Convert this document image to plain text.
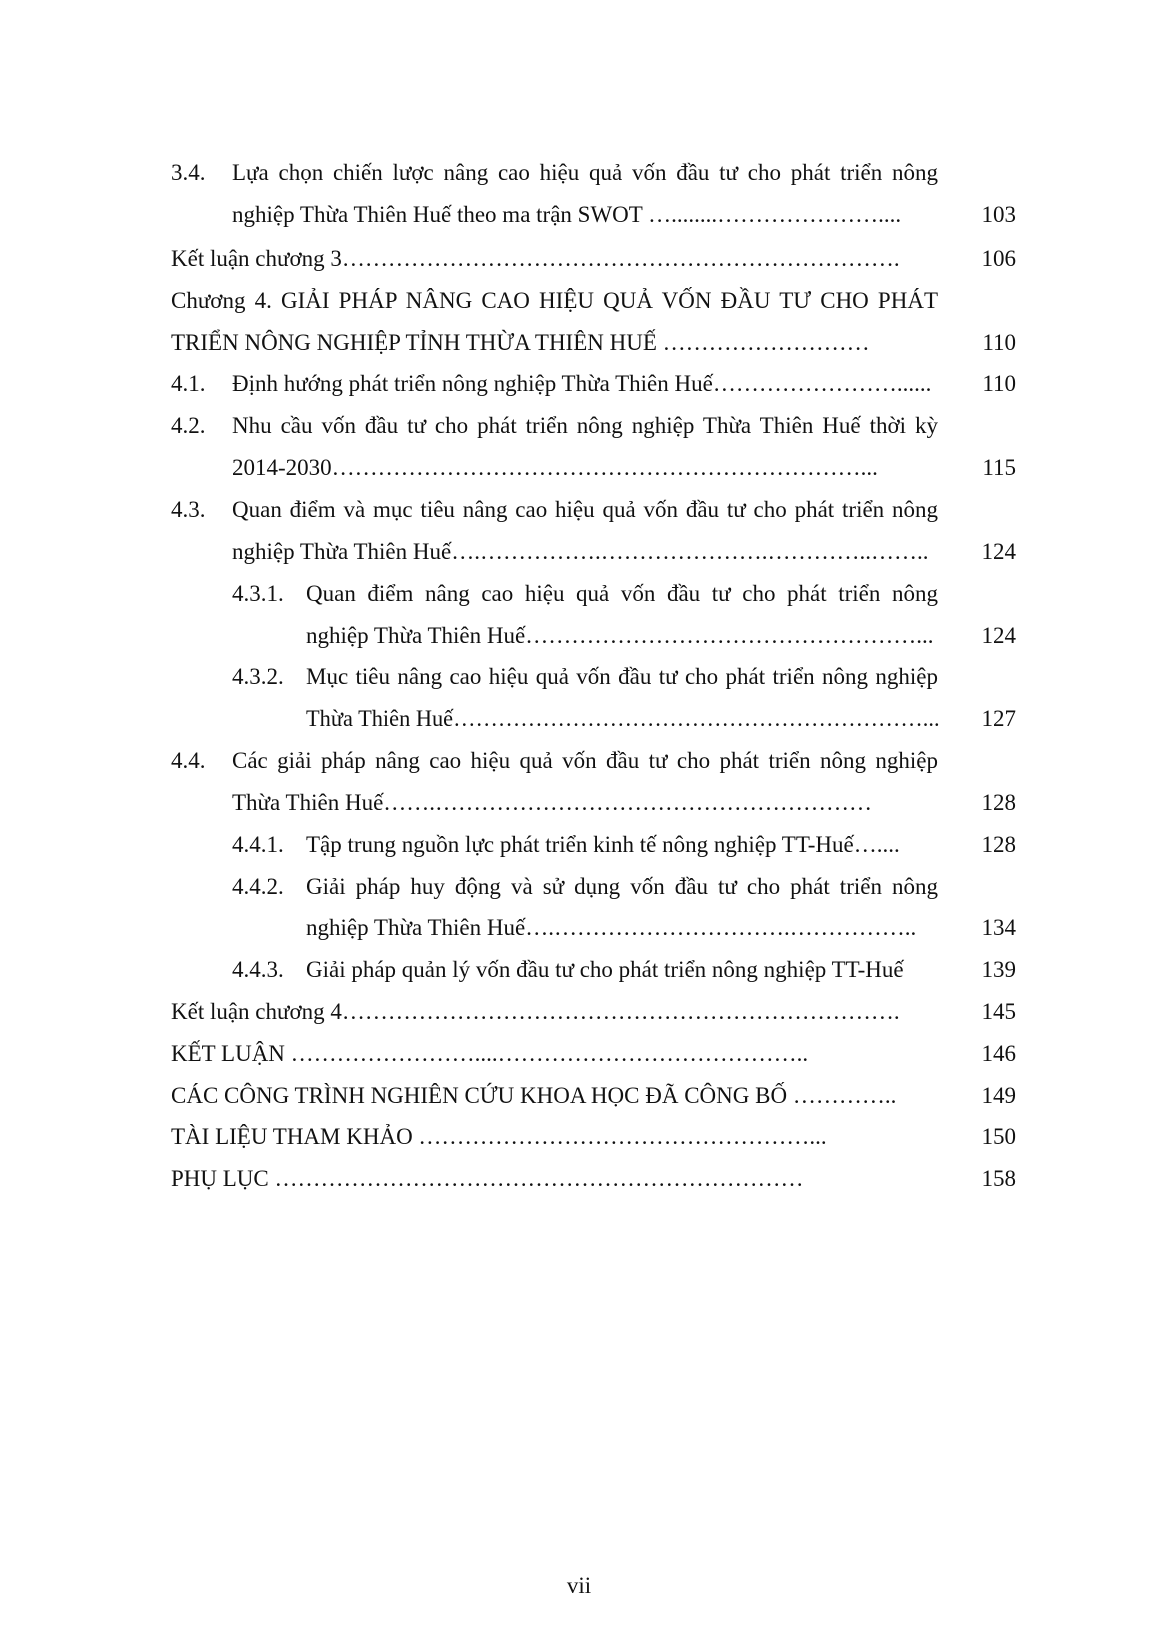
3.4. Lựa chọn chiến lược nâng cao hiệu quả vốn đầu tư cho phát triển nông
nghiệp Thừa Thiên Huế theo ma trận SWOT …........…………………....	103
Kết luận chương 3……………………………………………………………….	106
Chương 4. GIẢI PHÁP NÂNG CAO HIỆU QUẢ VỐN ĐẦU TƯ CHO PHÁT
TRIỂN NÔNG NGHIỆP TỈNH THỪA THIÊN HUẾ ………………………	110
4.1. Định hướng phát triển nông nghiệp Thừa Thiên Huế……………………......	110
4.2. Nhu cầu vốn đầu tư cho phát triển nông nghiệp Thừa Thiên Huế thời kỳ
2014-2030……………………………………………………………...	115
4.3. Quan điểm và mục tiêu nâng cao hiệu quả vốn đầu tư cho phát triển nông
nghiệp Thừa Thiên Huế….…………….………………….…………..……..	124
4.3.1. Quan điểm nâng cao hiệu quả vốn đầu tư cho phát triển nông
nghiệp Thừa Thiên Huế……………………………………………...	124
4.3.2. Mục tiêu nâng cao hiệu quả vốn đầu tư cho phát triển nông nghiệp
Thừa Thiên Huế………………………………………………………...	127
4.4. Các giải pháp nâng cao hiệu quả vốn đầu tư cho phát triển nông nghiệp
Thừa Thiên Huế…….…………………………………………………	128
4.4.1. Tập trung nguồn lực phát triển kinh tế nông nghiệp TT-Huế…....	128
4.4.2. Giải pháp huy động và sử dụng vốn đầu tư cho phát triển nông
nghiệp Thừa Thiên Huế….………………………….……………..	134
4.4.3. Giải pháp quản lý vốn đầu tư cho phát triển nông nghiệp TT-Huế	139
Kết luận chương 4……………………………………………………………….	145
KẾT LUẬN ……………………....…………………………………..	146
CÁC CÔNG TRÌNH NGHIÊN CỨU KHOA HỌC ĐÃ CÔNG BỐ …………..	149
TÀI LIỆU THAM KHẢO ……………………………………………...	150
PHỤ LỤC ……………………………………………………………	158
vii
